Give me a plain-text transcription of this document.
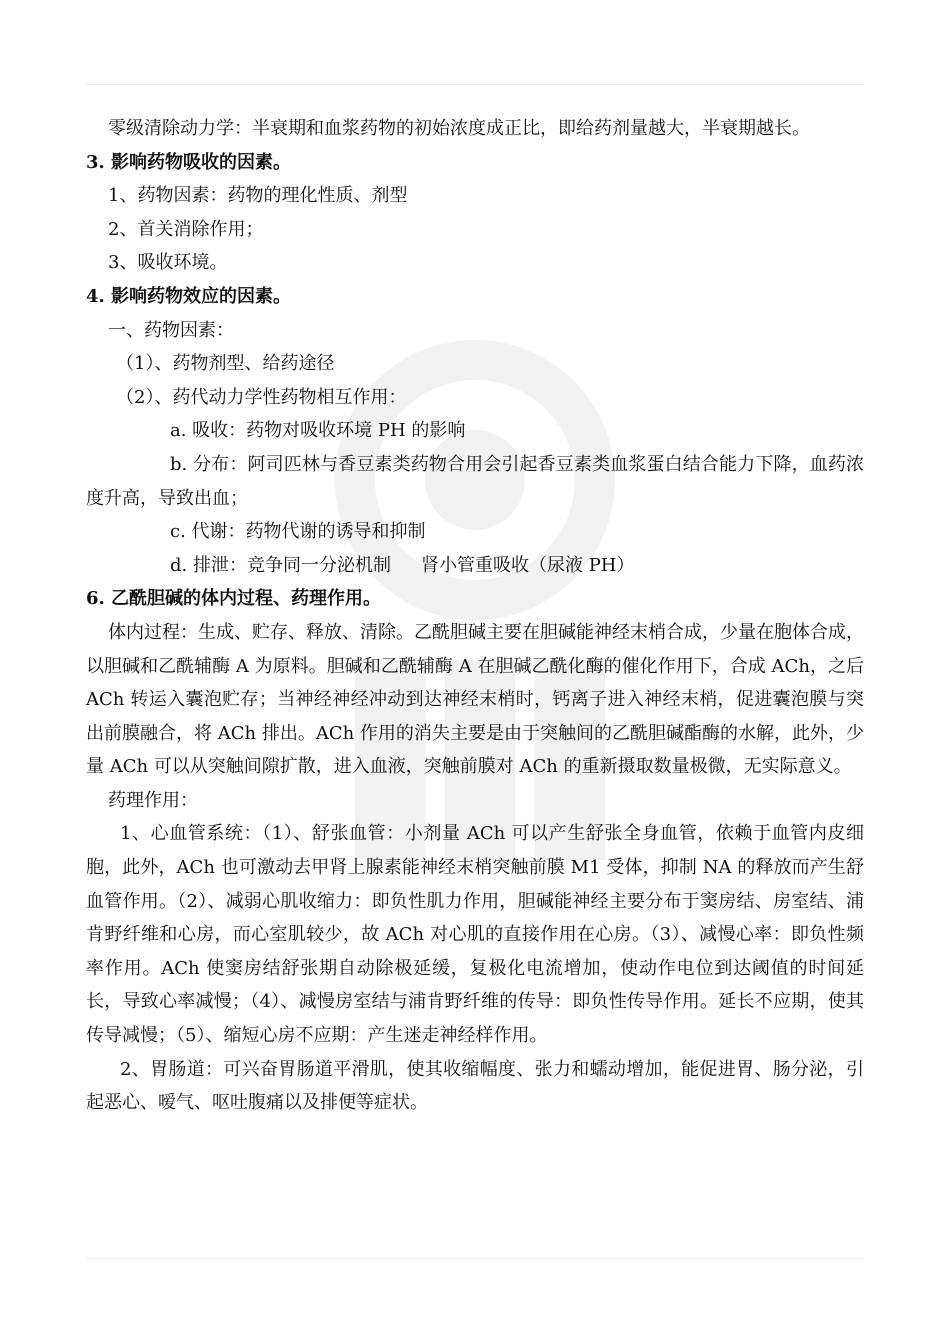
零级清除动力学：半衰期和血浆药物的初始浓度成正比，即给药剂量越大，半衰期越长。

3. 影响药物吸收的因素。

1、药物因素：药物的理化性质、剂型

2、首关消除作用；

3、吸收环境。

4. 影响药物效应的因素。

一、药物因素：

（1）、药物剂型、给药途径

（2）、药代动力学性药物相互作用：

a. 吸收：药物对吸收环境 PH 的影响

b. 分布：阿司匹林与香豆素类药物合用会引起香豆素类血浆蛋白结合能力下降，血药浓度升高，导致出血；

c. 代谢：药物代谢的诱导和抑制

d. 排泄：竞争同一分泌机制 肾小管重吸收（尿液 PH）

6. 乙酰胆碱的体内过程、药理作用。

体内过程：生成、贮存、释放、清除。乙酰胆碱主要在胆碱能神经末梢合成，少量在胞体合成，以胆碱和乙酰辅酶 A 为原料。胆碱和乙酰辅酶 A 在胆碱乙酰化酶的催化作用下，合成 ACh，之后 ACh 转运入囊泡贮存；当神经神经冲动到达神经末梢时，钙离子进入神经末梢，促进囊泡膜与突出前膜融合，将 ACh 排出。ACh 作用的消失主要是由于突触间的乙酰胆碱酯酶的水解，此外，少量 ACh 可以从突触间隙扩散，进入血液，突触前膜对 ACh 的重新摄取数量极微，无实际意义。

药理作用：

1、心血管系统：（1）、舒张血管：小剂量 ACh 可以产生舒张全身血管，依赖于血管内皮细胞，此外，ACh 也可激动去甲肾上腺素能神经末梢突触前膜 M1 受体，抑制 NA 的释放而产生舒血管作用。（2）、减弱心肌收缩力：即负性肌力作用，胆碱能神经主要分布于窦房结、房室结、浦肯野纤维和心房，而心室肌较少，故 ACh 对心肌的直接作用在心房。（3）、减慢心率：即负性频率作用。ACh 使窦房结舒张期自动除极延缓，复极化电流增加，使动作电位到达阈值的时间延长，导致心率减慢；（4）、减慢房室结与浦肯野纤维的传导：即负性传导作用。延长不应期，使其传导减慢；（5）、缩短心房不应期：产生迷走神经样作用。

2、胃肠道：可兴奋胃肠道平滑肌，使其收缩幅度、张力和蠕动增加，能促进胃、肠分泌，引起恶心、嗳气、呕吐腹痛以及排便等症状。
